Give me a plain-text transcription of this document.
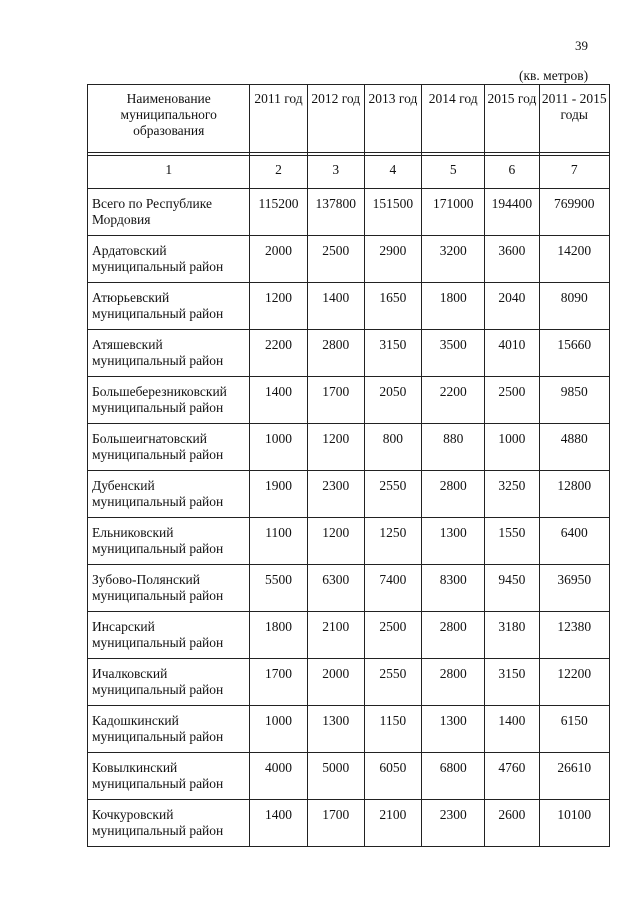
39
(кв. метров)
Наименование муниципального образования	2011 год	2012 год	2013 год	2014 год	2015 год	2011 - 2015 годы

1	2	3	4	5	6	7
Всего по Республике Мордовия	115200	137800	151500	171000	194400	769900
Ардатовский муниципальный район	2000	2500	2900	3200	3600	14200
Атюрьевский муниципальный район	1200	1400	1650	1800	2040	8090
Атяшевский муниципальный район	2200	2800	3150	3500	4010	15660
Большеберезниковский муниципальный район	1400	1700	2050	2200	2500	9850
Большеигнатовский муниципальный район	1000	1200	800	880	1000	4880
Дубенский муниципальный район	1900	2300	2550	2800	3250	12800
Ельниковский муниципальный район	1100	1200	1250	1300	1550	6400
Зубово-Полянский муниципальный район	5500	6300	7400	8300	9450	36950
Инсарский муниципальный район	1800	2100	2500	2800	3180	12380
Ичалковский муниципальный район	1700	2000	2550	2800	3150	12200
Кадошкинский муниципальный район	1000	1300	1150	1300	1400	6150
Ковылкинский муниципальный район	4000	5000	6050	6800	4760	26610
Кочкуровский муниципальный район	1400	1700	2100	2300	2600	10100
